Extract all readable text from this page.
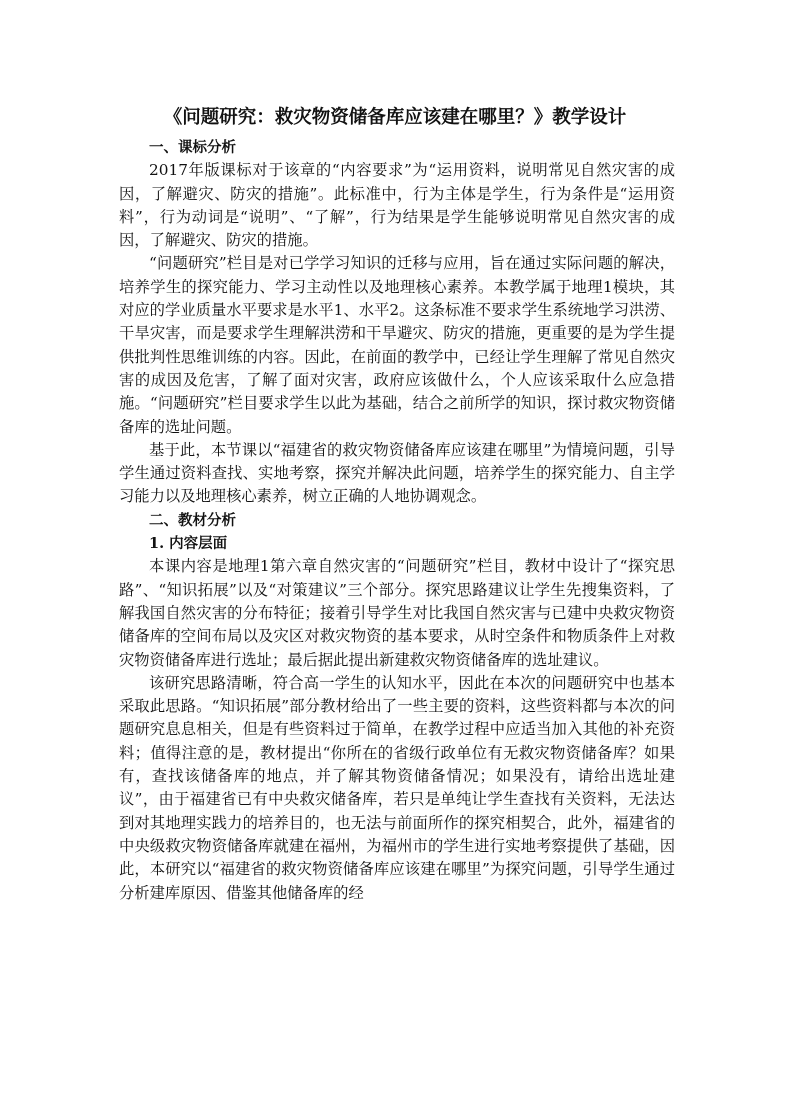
《问题研究：救灾物资储备库应该建在哪里？》教学设计

一、课标分析

2017年版课标对于该章的“内容要求”为“运用资料，说明常见自然灾害的成因，了解避灾、防灾的措施”。此标准中，行为主体是学生，行为条件是“运用资料”，行为动词是“说明”、“了解”，行为结果是学生能够说明常见自然灾害的成因，了解避灾、防灾的措施。

“问题研究”栏目是对已学学习知识的迁移与应用，旨在通过实际问题的解决，培养学生的探究能力、学习主动性以及地理核心素养。本教学属于地理1模块，其对应的学业质量水平要求是水平1、水平2。这条标准不要求学生系统地学习洪涝、干旱灾害，而是要求学生理解洪涝和干旱避灾、防灾的措施，更重要的是为学生提供批判性思维训练的内容。因此，在前面的教学中，已经让学生理解了常见自然灾害的成因及危害，了解了面对灾害，政府应该做什么，个人应该采取什么应急措施。“问题研究”栏目要求学生以此为基础，结合之前所学的知识，探讨救灾物资储备库的选址问题。

基于此，本节课以“福建省的救灾物资储备库应该建在哪里”为情境问题，引导学生通过资料查找、实地考察，探究并解决此问题，培养学生的探究能力、自主学习能力以及地理核心素养，树立正确的人地协调观念。

二、教材分析

1. 内容层面

本课内容是地理1第六章自然灾害的“问题研究”栏目，教材中设计了“探究思路”、“知识拓展”以及“对策建议”三个部分。探究思路建议让学生先搜集资料，了解我国自然灾害的分布特征；接着引导学生对比我国自然灾害与已建中央救灾物资储备库的空间布局以及灾区对救灾物资的基本要求，从时空条件和物质条件上对救灾物资储备库进行选址；最后据此提出新建救灾物资储备库的选址建议。

该研究思路清晰，符合高一学生的认知水平，因此在本次的问题研究中也基本采取此思路。“知识拓展”部分教材给出了一些主要的资料，这些资料都与本次的问题研究息息相关，但是有些资料过于简单，在教学过程中应适当加入其他的补充资料；值得注意的是，教材提出“你所在的省级行政单位有无救灾物资储备库？如果有，查找该储备库的地点，并了解其物资储备情况；如果没有，请给出选址建议”，由于福建省已有中央救灾储备库，若只是单纯让学生查找有关资料，无法达到对其地理实践力的培养目的，也无法与前面所作的探究相契合，此外，福建省的中央级救灾物资储备库就建在福州，为福州市的学生进行实地考察提供了基础，因此，本研究以“福建省的救灾物资储备库应该建在哪里”为探究问题，引导学生通过分析建库原因、借鉴其他储备库的经
